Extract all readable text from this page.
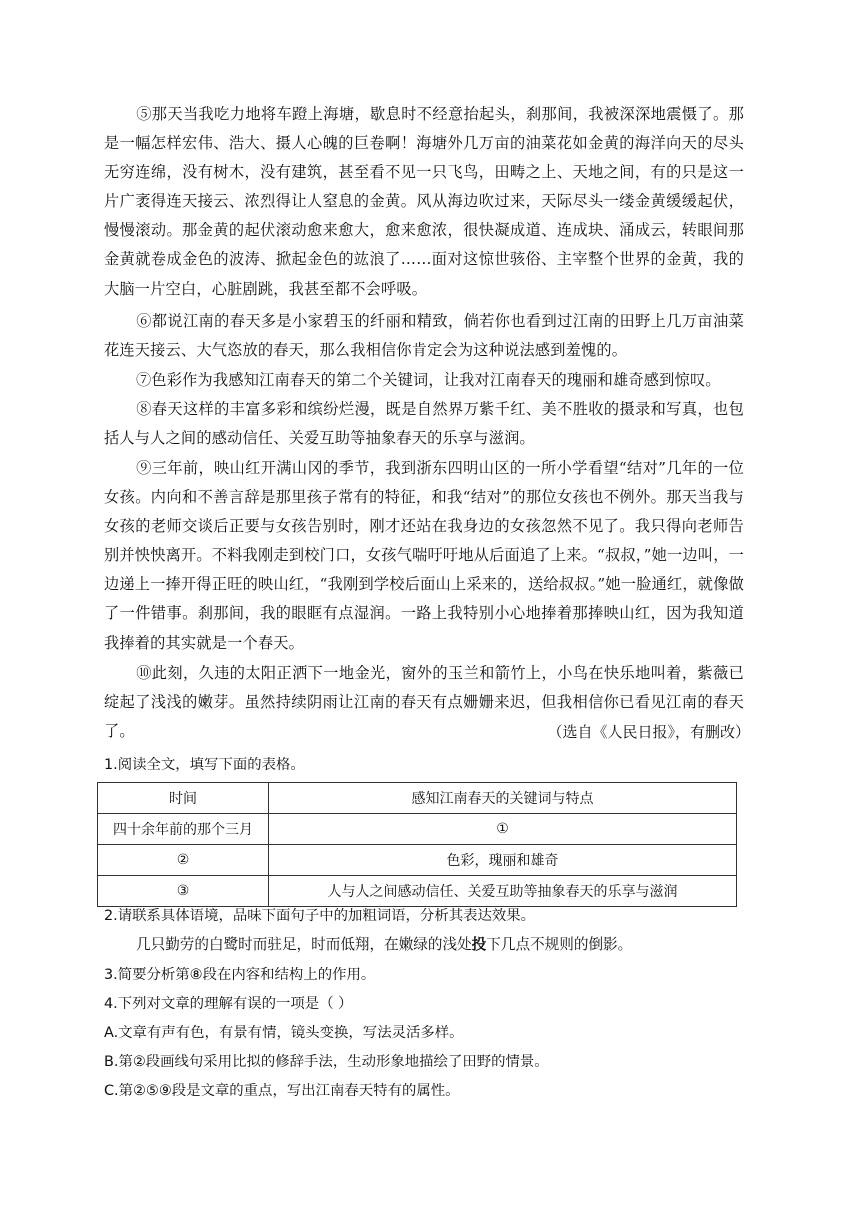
⑤那天当我吃力地将车蹬上海塘，歇息时不经意抬起头，刹那间，我被深深地震慑了。那是一幅怎样宏伟、浩大、摄人心魄的巨卷啊！海塘外几万亩的油菜花如金黄的海洋向天的尽头无穷连绵，没有树木，没有建筑，甚至看不见一只飞鸟，田畴之上、天地之间，有的只是这一片广袤得连天接云、浓烈得让人窒息的金黄。风从海边吹过来，天际尽头一缕金黄缓缓起伏，慢慢滚动。那金黄的起伏滚动愈来愈大，愈来愈浓，很快凝成道、连成块、涌成云，转眼间那金黄就卷成金色的波涛、掀起金色的竑浪了……面对这惊世骇俗、主宰整个世界的金黄，我的大脑一片空白，心脏剧跳，我甚至都不会呼吸。
⑥都说江南的春天多是小家碧玉的纤丽和精致，倘若你也看到过江南的田野上几万亩油菜花连天接云、大气恣放的春天，那么我相信你肯定会为这种说法感到羞愧的。
⑦色彩作为我感知江南春天的第二个关键词，让我对江南春天的瑰丽和雄奇感到惊叹。
⑧春天这样的丰富多彩和缤纷烂漫，既是自然界万紫千红、美不胜收的摄录和写真，也包括人与人之间的感动信任、关爱互助等抽象春天的乐享与滋润。
⑨三年前，映山红开满山冈的季节，我到浙东四明山区的一所小学看望“结对”几年的一位女孩。内向和不善言辞是那里孩子常有的特征，和我“结对”的那位女孩也不例外。那天当我与女孩的老师交谈后正要与女孩告别时，刚才还站在我身边的女孩忽然不见了。我只得向老师告别并怏怏离开。不料我刚走到校门口，女孩气喘吁吁地从后面追了上来。“叔叔，”她一边叫，一边递上一捧开得正旺的映山红，“我刚到学校后面山上采来的，送给叔叔。”她一脸通红，就像做了一件错事。刹那间，我的眼眶有点湿润。一路上我特别小心地捧着那捧映山红，因为我知道我捧着的其实就是一个春天。
⑩此刻，久违的太阳正洒下一地金光，窗外的玉兰和箭竹上，小鸟在快乐地叫着，紫薇已绽起了浅浅的嫩芽。虽然持续阴雨让江南的春天有点姗姗来迟，但我相信你已看见江南的春天了。	（选自《人民日报》，有删改）
1.阅读全文，填写下面的表格。
时间	感知江南春天的关键词与特点
四十余年前的那个三月	①
②	色彩，瑰丽和雄奇
③	人与人之间感动信任、关爱互助等抽象春天的乐享与滋润
2.请联系具体语境，品味下面句子中的加粗词语，分析其表达效果。
几只勤劳的白鹭时而驻足，时而低翔，在嫩绿的浅处投下几点不规则的倒影。
3.简要分析第⑧段在内容和结构上的作用。
4.下列对文章的理解有误的一项是（ ）
A.文章有声有色，有景有情，镜头变换，写法灵活多样。
B.第②段画线句采用比拟的修辞手法，生动形象地描绘了田野的情景。
C.第②⑤⑨段是文章的重点，写出江南春天特有的属性。
